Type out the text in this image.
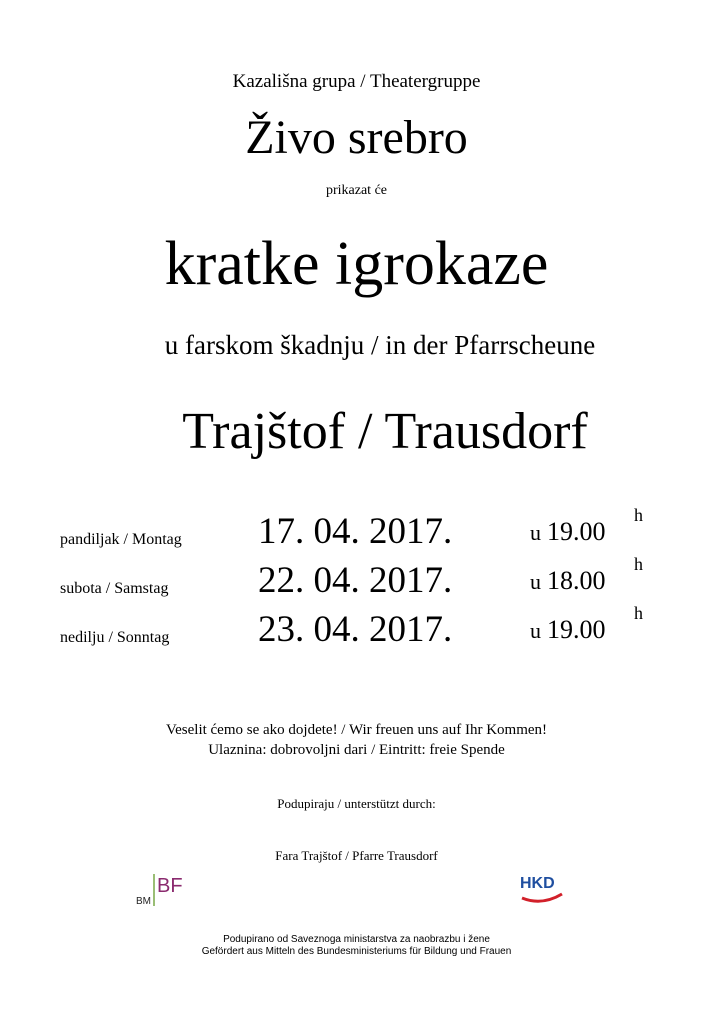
Kazališna grupa / Theatergruppe
Živo srebro
prikazat će
kratke igrokaze
u farskom škadnju / in der Pfarrscheune
Trajštof / Trausdorf
pandiljak / Montag 17. 04. 2017.	u 19.00
h
subota / Samstag 22. 04. 2017.	u 18.00
h
nedilju / Sonntag 23. 04. 2017.	u 19.00
h
Veselit ćemo se ako dojdete! / Wir freuen uns auf Ihr Kommen!
Ulaznina: dobrovoljni dari / Eintritt: freie Spende
Podupiraju / unterstützt durch:
Fara Trajštof / Pfarre Trausdorf
BM
BF	HKD
Podupirano od Saveznoga ministarstva za naobrazbu i žene
Gefördert aus Mitteln des Bundesministeriums für Bildung und Frauen
